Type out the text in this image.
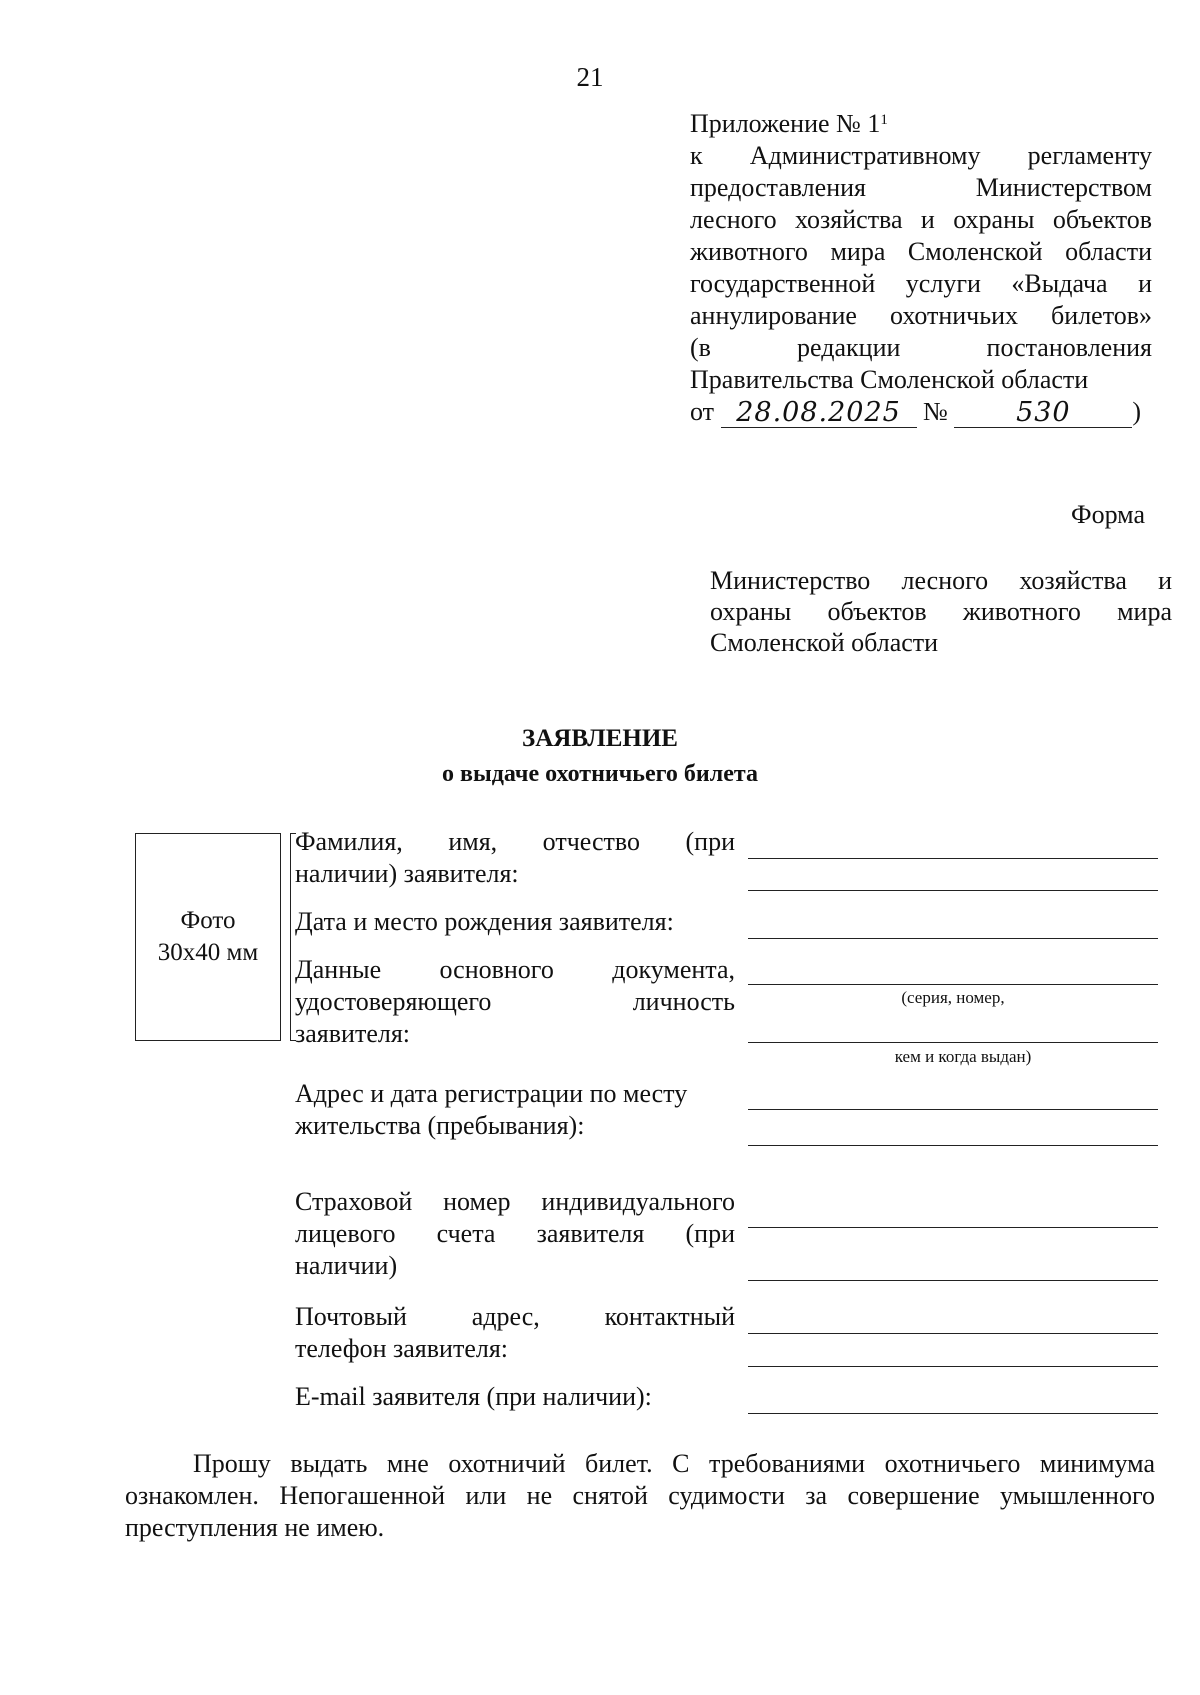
21
Приложение № $1^1$
к Административному регламенту
предоставления Министерством
лесного хозяйства и охраны объектов
животного мира Смоленской области
государственной услуги «Выдача и
аннулирование охотничьих билетов»
(в редакции постановления
Правительства Смоленской области
от 28.08.2025 №	530 )
Форма
Министерство лесного хозяйства и
охраны объектов животного мира
Смоленской области
ЗАЯВЛЕНИЕ
о выдаче охотничьего билета
Фото
30х40 мм
Фамилия, имя, отчество (при
наличии) заявителя:
Дата и место рождения заявителя:
Данные основного документа,
удостоверяющего личность
заявителя:
(серия, номер,
кем и когда выдан)
Адрес и дата регистрации по месту
жительства (пребывания):
Страховой номер индивидуального
лицевого счета заявителя (при
наличии)
Почтовый адрес, контактный
телефон заявителя:
E-mail заявителя (при наличии):
Прошу выдать мне охотничий билет. С требованиями охотничьего минимума ознакомлен. Непогашенной или не снятой судимости за совершение умышленного преступления не имею.
